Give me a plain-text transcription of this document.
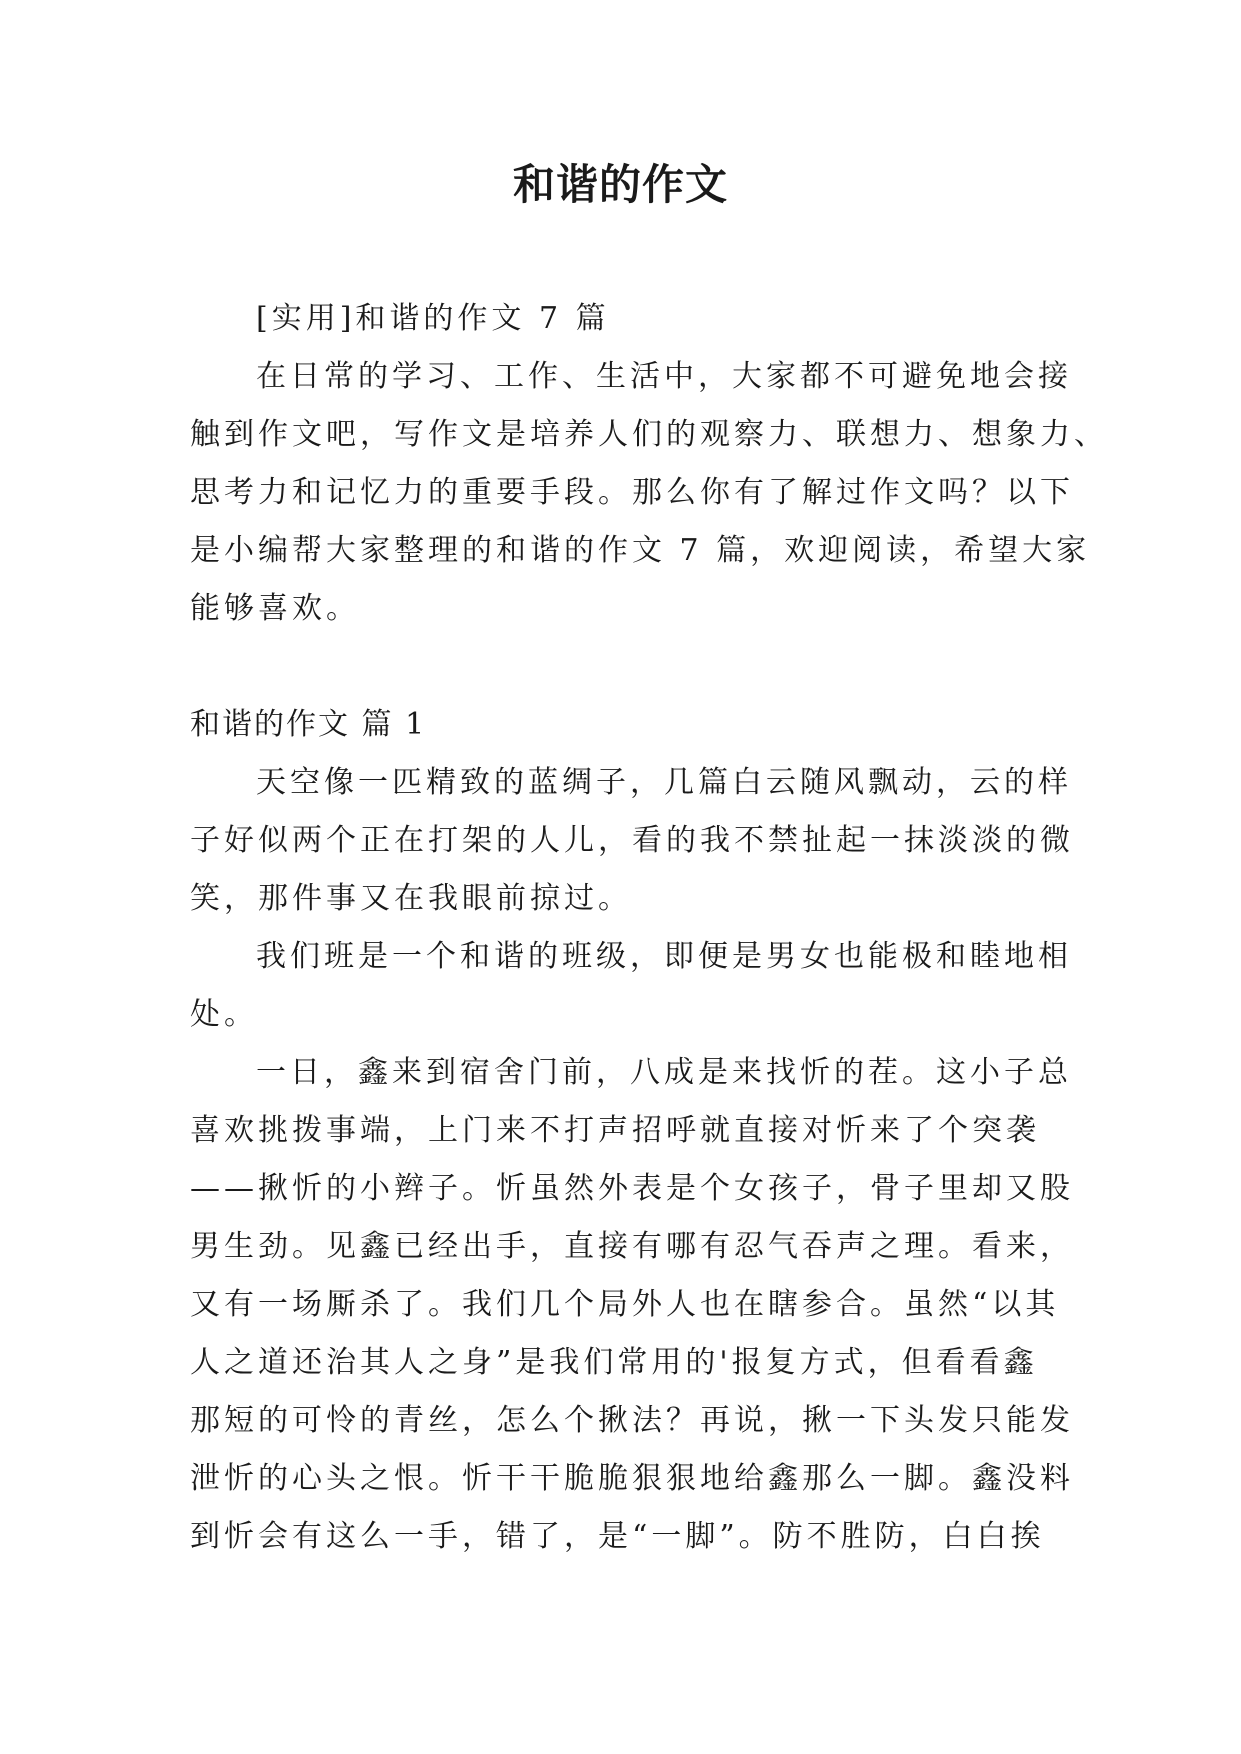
和谐的作文
[实用]和谐的作文 7 篇
在日常的学习、工作、生活中，大家都不可避免地会接
触到作文吧，写作文是培养人们的观察力、联想力、想象力、
思考力和记忆力的重要手段。那么你有了解过作文吗？以下
是小编帮大家整理的和谐的作文 7 篇，欢迎阅读，希望大家
能够喜欢。
和谐的作文 篇 1
天空像一匹精致的蓝绸子，几篇白云随风飘动，云的样
子好似两个正在打架的人儿，看的我不禁扯起一抹淡淡的微
笑，那件事又在我眼前掠过。
我们班是一个和谐的班级，即便是男女也能极和睦地相
处。
一日，鑫来到宿舍门前，八成是来找忻的茬。这小子总
喜欢挑拨事端，上门来不打声招呼就直接对忻来了个突袭
——揪忻的小辫子。忻虽然外表是个女孩子，骨子里却又股
男生劲。见鑫已经出手，直接有哪有忍气吞声之理。看来，
又有一场厮杀了。我们几个局外人也在瞎参合。虽然“以其
人之道还治其人之身”是我们常用的'报复方式，但看看鑫
那短的可怜的青丝，怎么个揪法？再说，揪一下头发只能发
泄忻的心头之恨。忻干干脆脆狠狠地给鑫那么一脚。鑫没料
到忻会有这么一手，错了，是“一脚”。防不胜防，白白挨
